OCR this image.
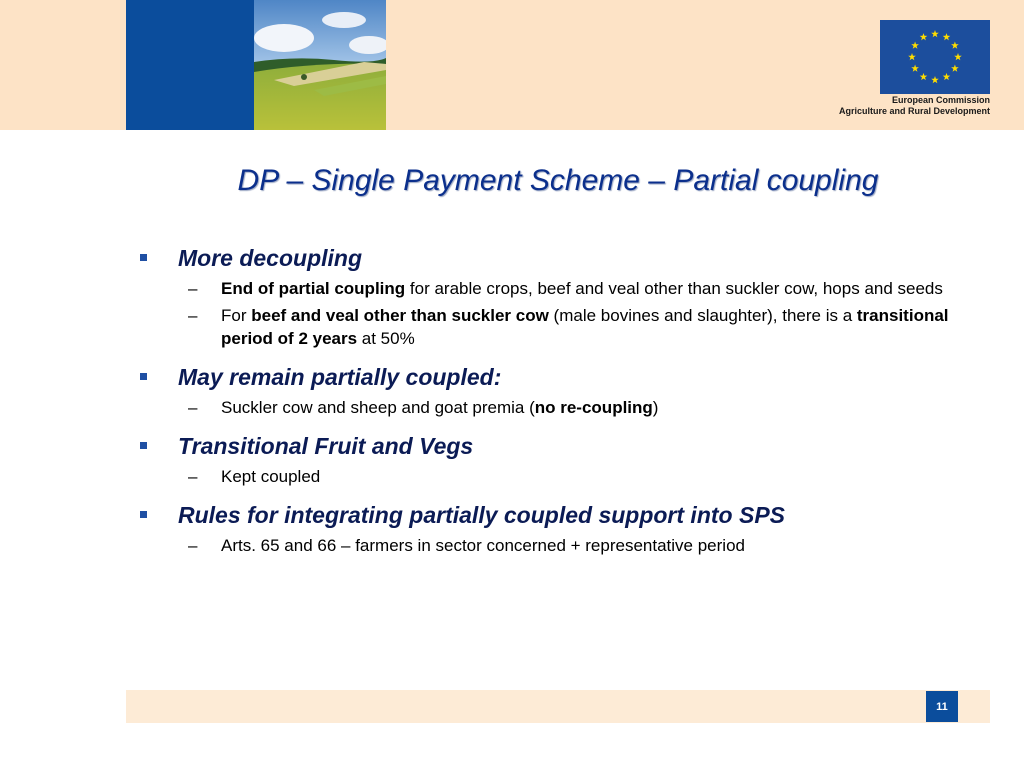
European Commission
Agriculture and Rural Development
DP – Single Payment Scheme – Partial coupling
More decoupling
– End of partial coupling for arable crops, beef and veal other than suckler cow, hops and seeds
– For beef and veal other than suckler cow (male bovines and slaughter), there is a transitional period of 2 years at 50%
May remain partially coupled:
– Suckler cow and sheep and goat premia (no re-coupling)
Transitional Fruit and Vegs
– Kept coupled
Rules for integrating partially coupled support into SPS
– Arts. 65 and 66 – farmers in sector concerned + representative period
11
